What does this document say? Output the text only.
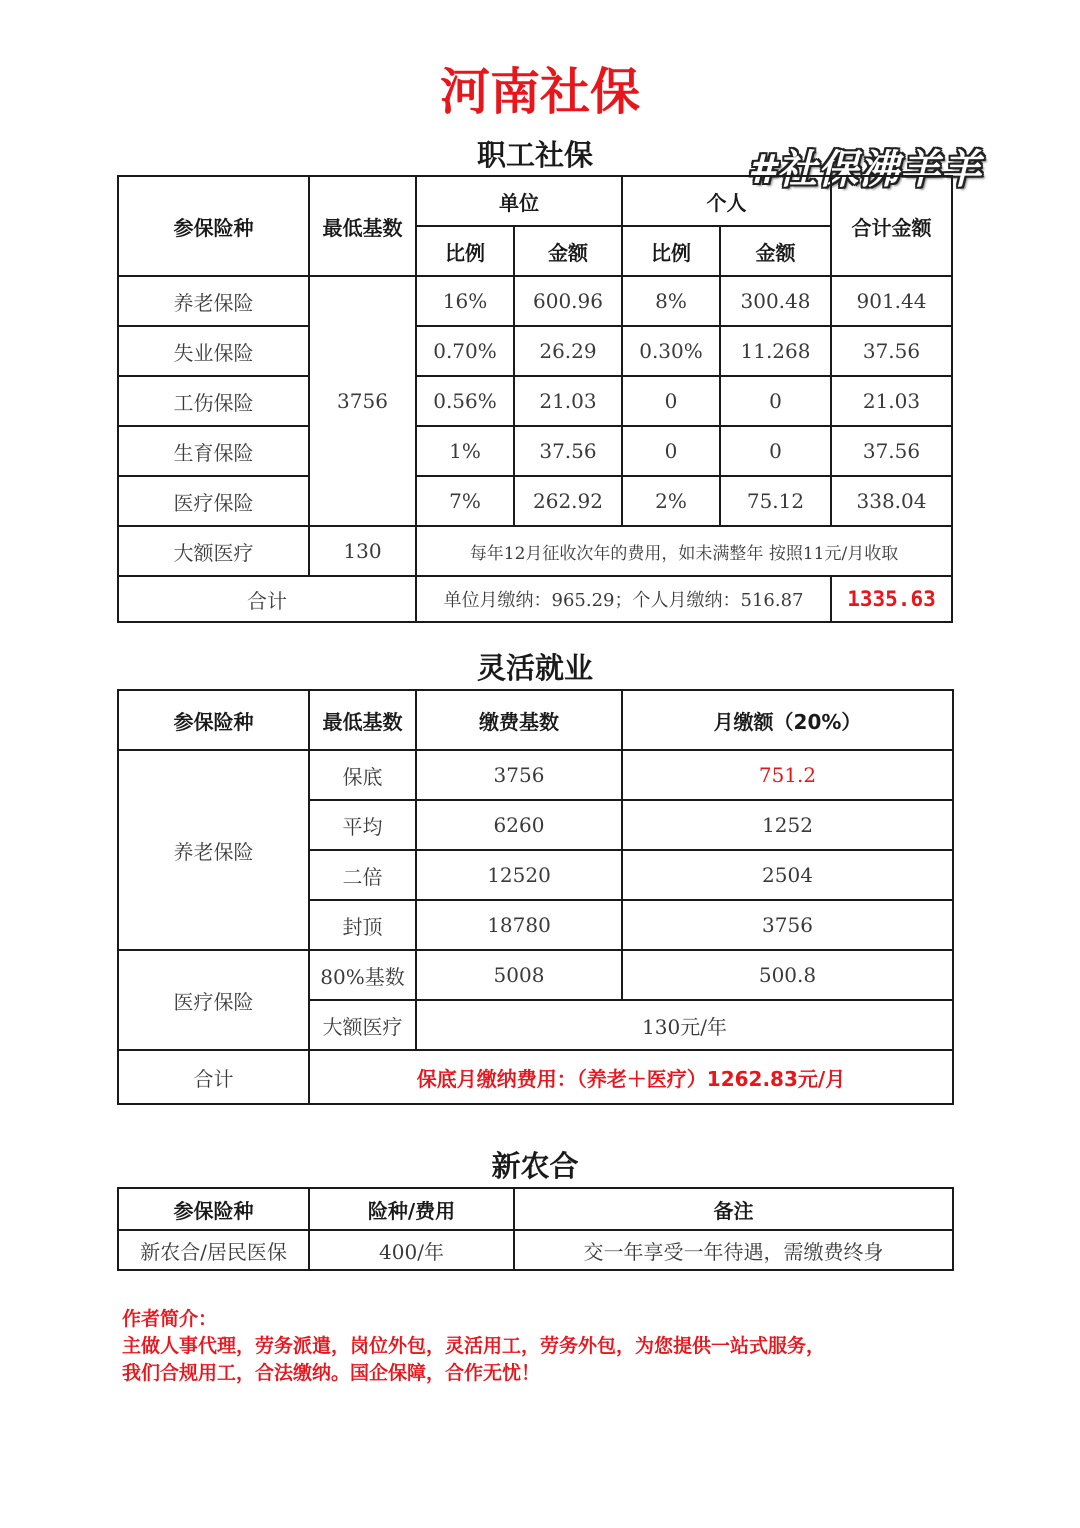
河南社保
#社保沸羊羊
职工社保
参保险种	最低基数	单位		个人		合计金额
		比例	金额	比例	金额	
养老保险	3756	16%	600.96	8%	300.48	901.44
失业保险		0.70%	26.29	0.30%	11.268	37.56
工伤保险		0.56%	21.03	0	0	21.03
生育保险		1%	37.56	0	0	37.56
医疗保险		7%	262.92	2%	75.12	338.04
大额医疗	130	每年12月征收次年的费用，如未满整年 按照11元/月收取				
合计		单位月缴纳：965.29；个人月缴纳：516.87				1335.63
灵活就业
参保险种	最低基数	缴费基数	月缴额（20%）
养老保险	保底	3756	751.2
	平均	6260	1252
	二倍	12520	2504
	封顶	18780	3756
医疗保险	80%基数	5008	500.8
	大额医疗	130元/年	
合计	保底月缴纳费用：（养老＋医疗）1262.83元/月		
新农合
参保险种	险种/费用	备注
新农合/居民医保	400/年	交一年享受一年待遇，需缴费终身
作者简介：
主做人事代理，劳务派遣，岗位外包，灵活用工，劳务外包，为您提供一站式服务，
我们合规用工，合法缴纳。国企保障，合作无忧！
